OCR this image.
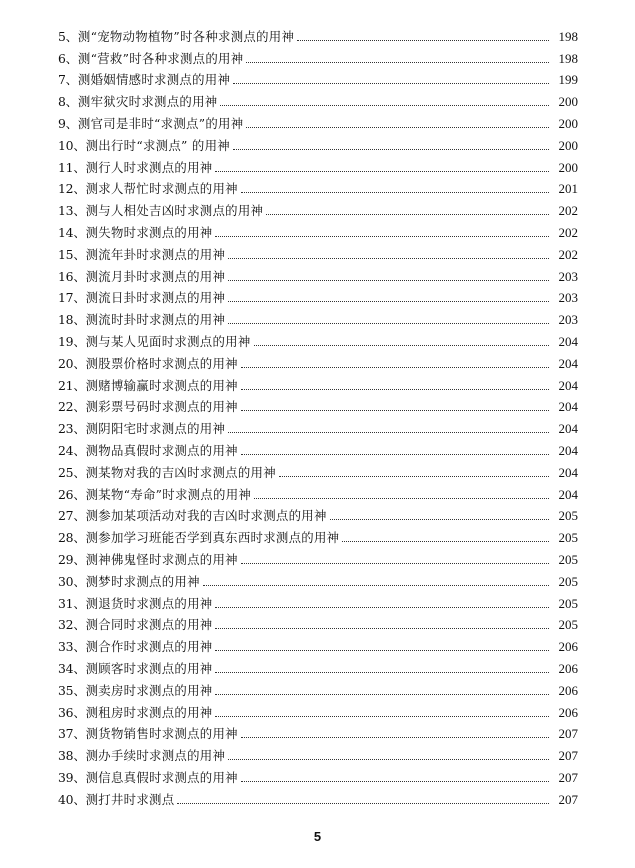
5、 测“宠物动物植物”时各种求测点的用神	198
6、 测“营救”时各种求测点的用神	198
7、 测婚姻情感时求测点的用神	199
8、 测牢狱灾时求测点的用神	200
9、 测官司是非时“求测点”的用神	200
10、 测出行时“求测点” 的用神	200
11、 测行人时求测点的用神	200
12、 测求人帮忙时求测点的用神	201
13、 测与人相处吉凶时求测点的用神	202
14、 测失物时求测点的用神	202
15、 测流年卦时求测点的用神	202
16、 测流月卦时求测点的用神	203
17、 测流日卦时求测点的用神	203
18、 测流时卦时求测点的用神	203
19、 测与某人见面时求测点的用神	204
20、 测股票价格时求测点的用神	204
21、 测赌博输赢时求测点的用神	204
22、 测彩票号码时求测点的用神	204
23、 测阴阳宅时求测点的用神	204
24、 测物品真假时求测点的用神	204
25、 测某物对我的吉凶时求测点的用神	204
26、 测某物“寿命”时求测点的用神	204
27、 测参加某项活动对我的吉凶时求测点的用神	205
28、 测参加学习班能否学到真东西时求测点的用神	205
29、 测神佛鬼怪时求测点的用神	205
30、 测梦时求测点的用神	205
31、 测退货时求测点的用神	205
32、 测合同时求测点的用神	205
33、 测合作时求测点的用神	206
34、 测顾客时求测点的用神	206
35、 测卖房时求测点的用神	206
36、 测租房时求测点的用神	206
37、 测货物销售时求测点的用神	207
38、 测办手续时求测点的用神	207
39、 测信息真假时求测点的用神	207
40、 测打井时求测点	207
5
